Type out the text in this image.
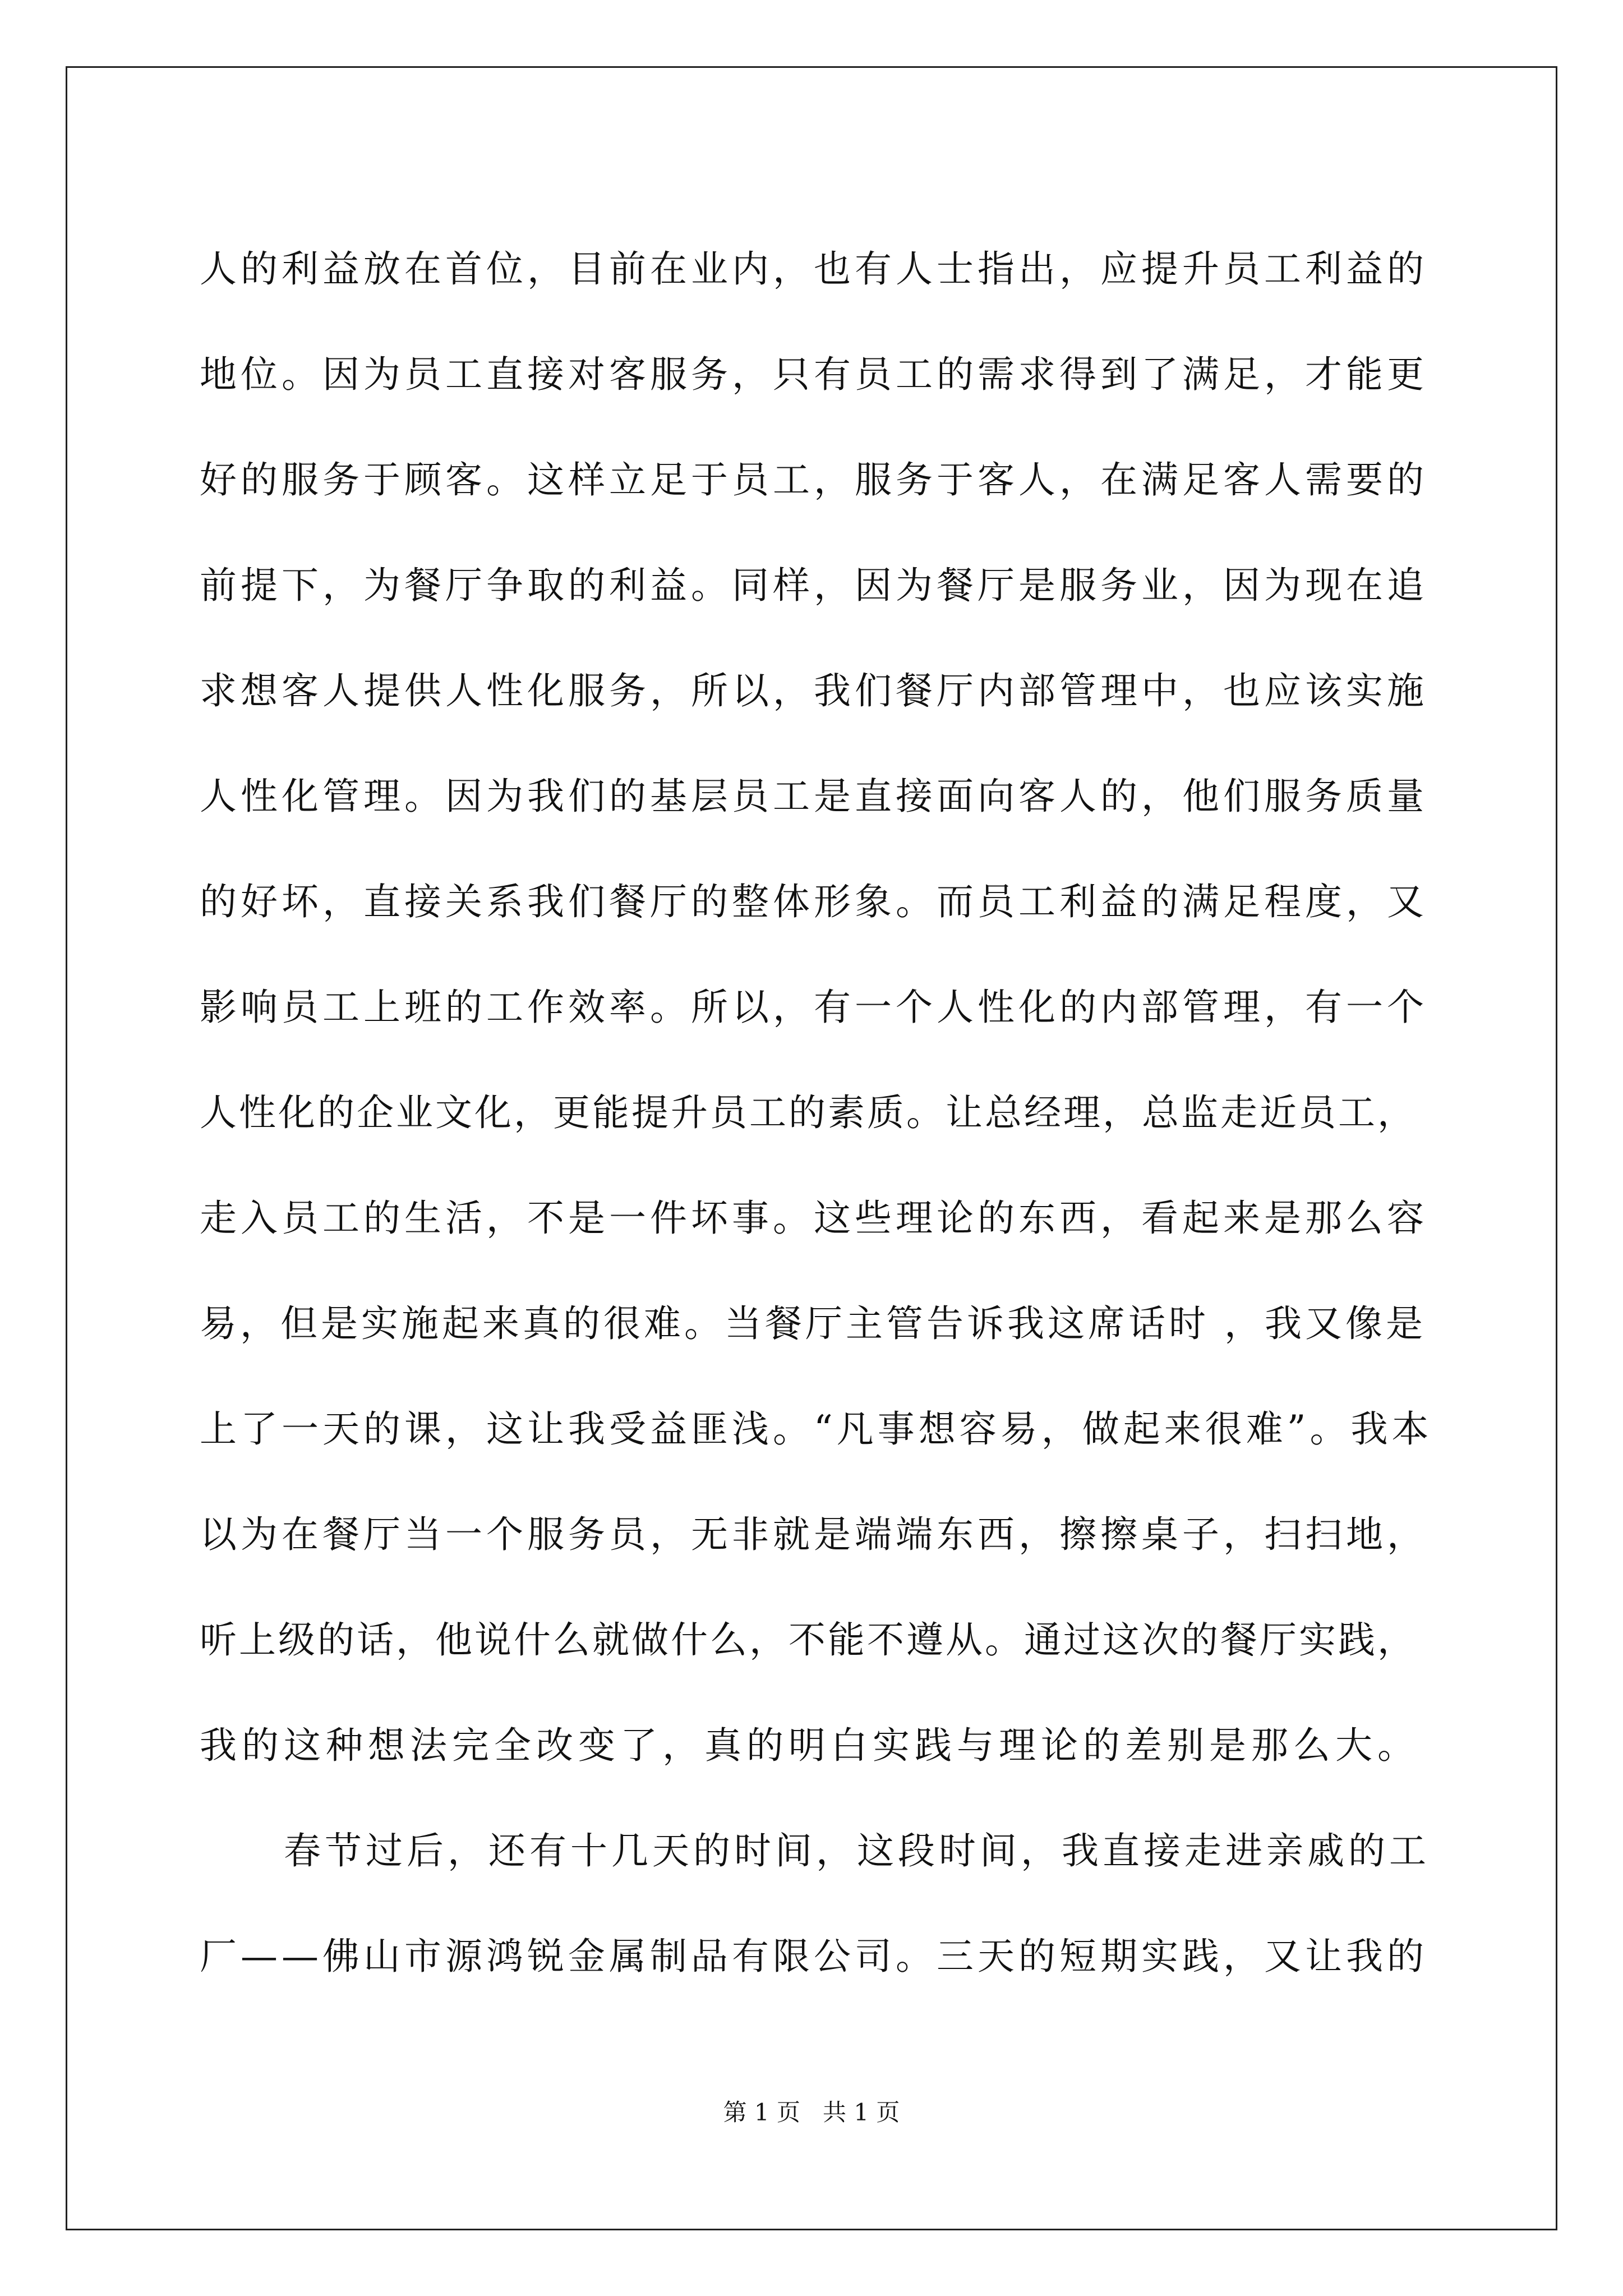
人的利益放在首位，目前在业内，也有人士指出，应提升员工利益的
地位。因为员工直接对客服务，只有员工的需求得到了满足，才能更
好的服务于顾客。这样立足于员工，服务于客人，在满足客人需要的
前提下，为餐厅争取的利益。同样，因为餐厅是服务业，因为现在追
求想客人提供人性化服务，所以，我们餐厅内部管理中，也应该实施
人性化管理。因为我们的基层员工是直接面向客人的，他们服务质量
的好坏，直接关系我们餐厅的整体形象。而员工利益的满足程度，又
影响员工上班的工作效率。所以，有一个人性化的内部管理，有一个
人性化的企业文化，更能提升员工的素质。让总经理，总监走近员工，
走入员工的生活，不是一件坏事。这些理论的东西，看起来是那么容
易，但是实施起来真的很难。当餐厅主管告诉我这席话时 ，我又像是
上了一天的课，这让我受益匪浅。“凡事想容易，做起来很难”。我本
以为在餐厅当一个服务员，无非就是端端东西，擦擦桌子，扫扫地，
听上级的话，他说什么就做什么，不能不遵从。通过这次的餐厅实践，
我的这种想法完全改变了，真的明白实践与理论的差别是那么大。
春节过后，还有十几天的时间，这段时间，我直接走进亲戚的工
厂——佛山市源鸿锐金属制品有限公司。三天的短期实践，又让我的
第 1 页 共 1 页
